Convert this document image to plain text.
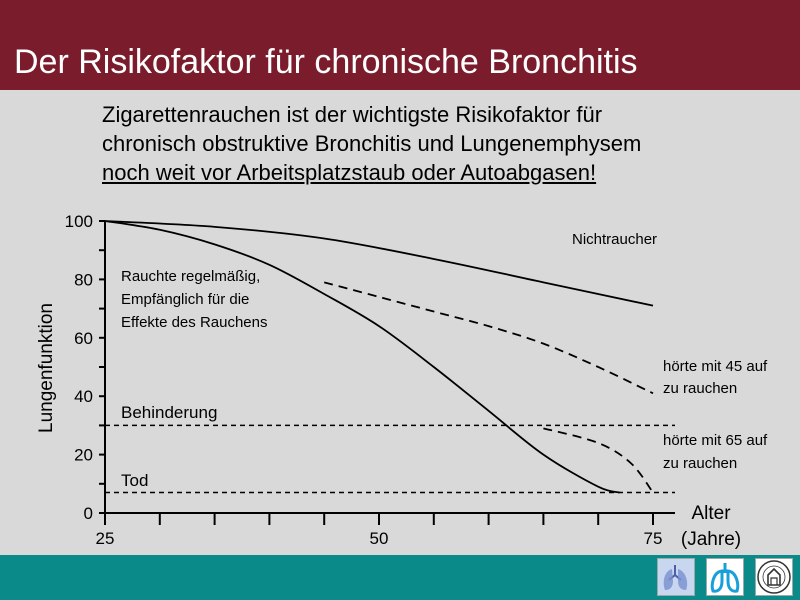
Der Risikofaktor für chronische Bronchitis
Zigarettenrauchen ist der wichtigste Risikofaktor für
chronisch obstruktive Bronchitis und Lungenemphysem
noch weit vor Arbeitsplatzstaub oder Autoabgasen!
0
20
40
60
80
100
25	50	75
Lungenfunktion
Alter
(Jahre)
Nichtraucher
Rauchte regelmäßig,
Empfänglich für die
Effekte des Rauchens
hörte mit 45 auf
zu rauchen
hörte mit 65 auf
zu rauchen
Behinderung
Tod
